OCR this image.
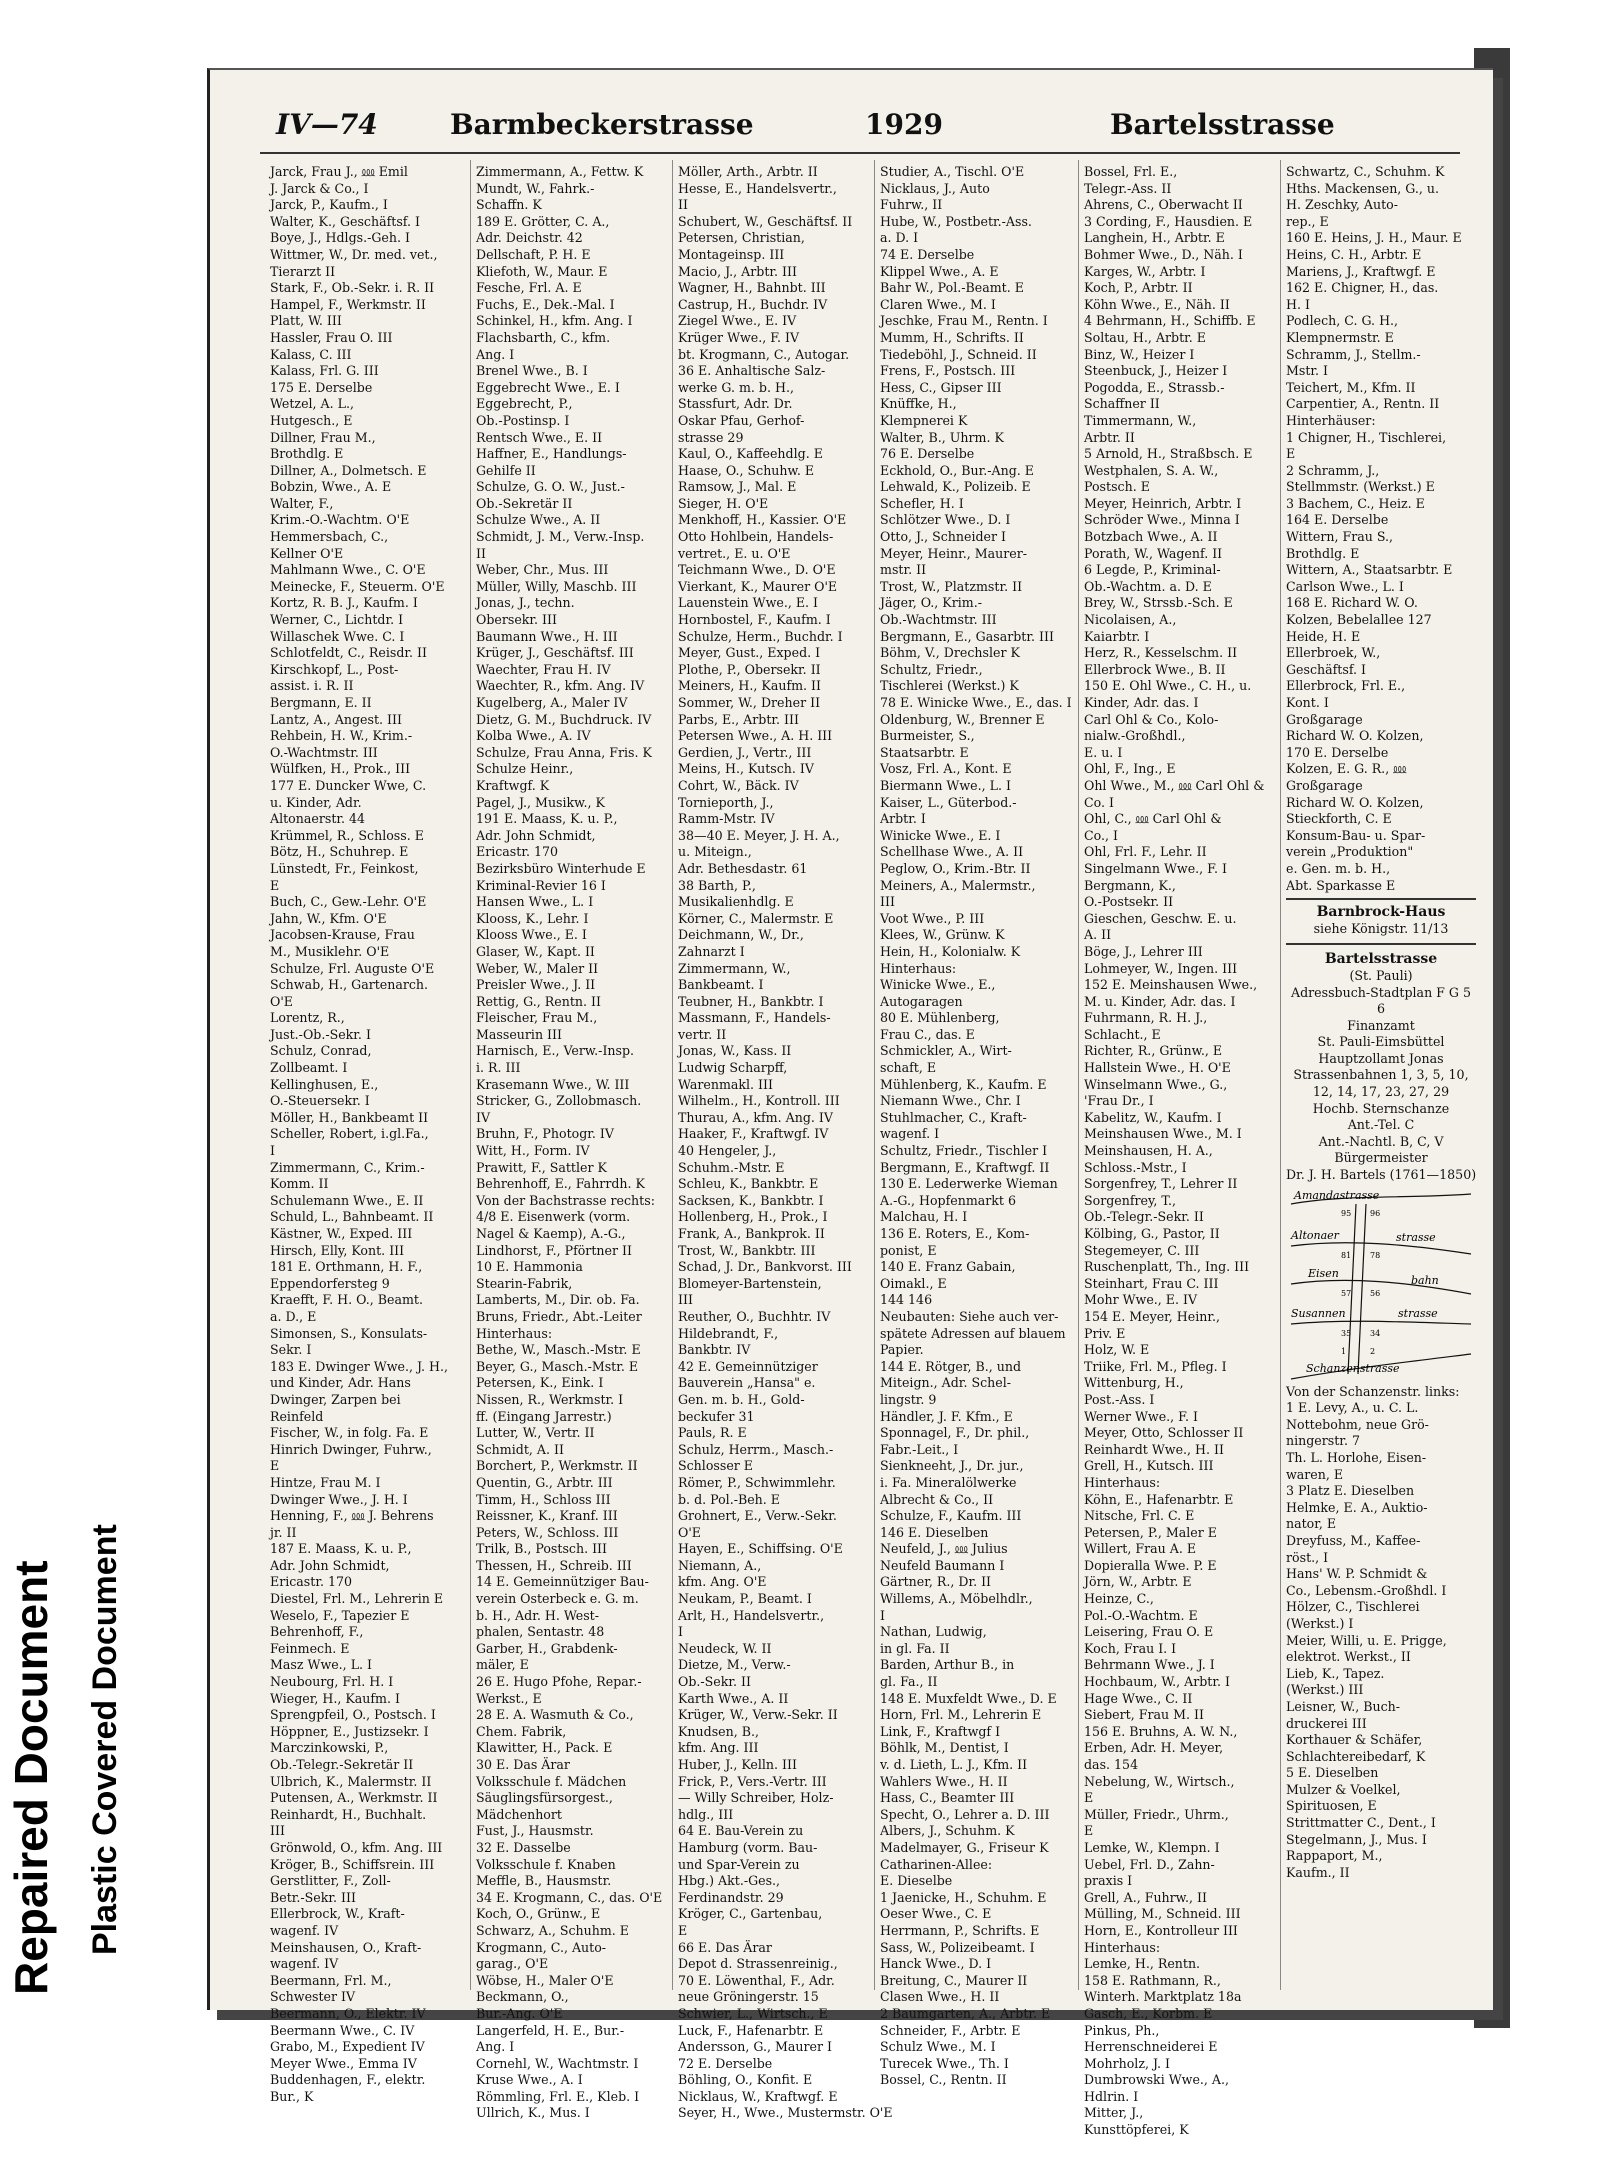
Repaired Document Plastic Covered Document
IV—74	Barmbeckerstrasse	1929	Bartelsstrasse
Jarck, Frau J., ⅏ Emil
J. Jarck & Co., I
Jarck, P., Kaufm., I
Walter, K., Geschäftsf. I
Boye, J., Hdlgs.-Geh. I
Wittmer, W., Dr. med. vet.,
Tierarzt II
Stark, F., Ob.-Sekr. i. R. II
Hampel, F., Werkmstr. II
Platt, W. III
Hassler, Frau O. III
Kalass, C. III
Kalass, Frl. G. III
175 E. Derselbe
Wetzel, A. L.,
Hutgesch., E
Dillner, Frau M.,
Brothdlg. E
Dillner, A., Dolmetsch. E
Bobzin, Wwe., A. E
Walter, F.,
Krim.-O.-Wachtm. O'E
Hemmersbach, C.,
Kellner O'E
Mahlmann Wwe., C. O'E
Meinecke, F., Steuerm. O'E
Kortz, R. B. J., Kaufm. I
Werner, C., Lichtdr. I
Willaschek Wwe. C. I
Schlotfeldt, C., Reisdr. II
Kirschkopf, L., Post-
assist. i. R. II
Bergmann, E. II
Lantz, A., Angest. III
Rehbein, H. W., Krim.-
O.-Wachtmstr. III
Wülfken, H., Prok., III
177 E. Duncker Wwe, C.
u. Kinder, Adr.
Altonaerstr. 44
Krümmel, R., Schloss. E
Bötz, H., Schuhrep. E
Lünstedt, Fr., Feinkost,
E
Buch, C., Gew.-Lehr. O'E
Jahn, W., Kfm. O'E
Jacobsen-Krause, Frau
M., Musiklehr. O'E
Schulze, Frl. Auguste O'E
Schwab, H., Gartenarch.
O'E
Lorentz, R.,
Just.-Ob.-Sekr. I
Schulz, Conrad,
Zollbeamt. I
Kellinghusen, E.,
O.-Steuersekr. I
Möller, H., Bankbeamt II
Scheller, Robert, i.gl.Fa.,
I
Zimmermann, C., Krim.-
Komm. II
Schulemann Wwe., E. II
Schuld, L., Bahnbeamt. II
Kästner, W., Exped. III
Hirsch, Elly, Kont. III
181 E. Orthmann, H. F.,
Eppendorfersteg 9
Kraefft, F. H. O., Beamt.
a. D., E
Simonsen, S., Konsulats-
Sekr. I
183 E. Dwinger Wwe., J. H.,
und Kinder, Adr. Hans
Dwinger, Zarpen bei
Reinfeld
Fischer, W., in folg. Fa. E
Hinrich Dwinger, Fuhrw.,
E
Hintze, Frau M. I
Dwinger Wwe., J. H. I
Henning, F., ⅏ J. Behrens
jr. II
187 E. Maass, K. u. P.,
Adr. John Schmidt,
Ericastr. 170
Diestel, Frl. M., Lehrerin E
Weselo, F., Tapezier E
Behrenhoff, F.,
Feinmech. E
Masz Wwe., L. I
Neubourg, Frl. H. I
Wieger, H., Kaufm. I
Sprengpfeil, O., Postsch. I
Höppner, E., Justizsekr. I
Marczinkowski, P.,
Ob.-Telegr.-Sekretär II
Ulbrich, K., Malermstr. II
Putensen, A., Werkmstr. II
Reinhardt, H., Buchhalt.
III
Grönwold, O., kfm. Ang. III
Kröger, B., Schiffsrein. III
Gerstlitter, F., Zoll-
Betr.-Sekr. III
Ellerbrock, W., Kraft-
wagenf. IV
Meinshausen, O., Kraft-
wagenf. IV
Beermann, Frl. M.,
Schwester IV
Beermann, O., Elektr. IV
Beermann Wwe., C. IV
Grabo, M., Expedient IV
Meyer Wwe., Emma IV
Buddenhagen, F., elektr.
Bur., K
Zimmermann, A., Fettw. K
Mundt, W., Fahrk.-
Schaffn. K
189 E. Grötter, C. A.,
Adr. Deichstr. 42
Dellschaft, P. H. E
Kliefoth, W., Maur. E
Fesche, Frl. A. E
Fuchs, E., Dek.-Mal. I
Schinkel, H., kfm. Ang. I
Flachsbarth, C., kfm.
Ang. I
Brenel Wwe., B. I
Eggebrecht Wwe., E. I
Eggebrecht, P.,
Ob.-Postinsp. I
Rentsch Wwe., E. II
Haffner, E., Handlungs-
Gehilfe II
Schulze, G. O. W., Just.-
Ob.-Sekretär II
Schulze Wwe., A. II
Schmidt, J. M., Verw.-Insp.
II
Weber, Chr., Mus. III
Müller, Willy, Maschb. III
Jonas, J., techn.
Obersekr. III
Baumann Wwe., H. III
Krüger, J., Geschäftsf. III
Waechter, Frau H. IV
Waechter, R., kfm. Ang. IV
Kugelberg, A., Maler IV
Dietz, G. M., Buchdruck. IV
Kolba Wwe., A. IV
Schulze, Frau Anna, Fris. K
Schulze Heinr.,
Kraftwgf. K
Pagel, J., Musikw., K
191 E. Maass, K. u. P.,
Adr. John Schmidt,
Ericastr. 170
Bezirksbüro Winterhude E
Kriminal-Revier 16 I
Hansen Wwe., L. I
Klooss, K., Lehr. I
Klooss Wwe., E. I
Glaser, W., Kapt. II
Weber, W., Maler II
Preisler Wwe., J. II
Rettig, G., Rentn. II
Fleischer, Frau M.,
Masseurin III
Harnisch, E., Verw.-Insp.
i. R. III
Krasemann Wwe., W. III
Stricker, G., Zollobmasch.
IV
Bruhn, F., Photogr. IV
Witt, H., Form. IV
Prawitt, F., Sattler K
Behrenhoff, E., Fahrrdh. K
Von der Bachstrasse rechts:
4/8 E. Eisenwerk (vorm.
Nagel & Kaemp), A.-G.,
Lindhorst, F., Pförtner II
10 E. Hammonia
Stearin-Fabrik,
Lamberts, M., Dir. ob. Fa.
Bruns, Friedr., Abt.-Leiter
Hinterhaus:
Bethe, W., Masch.-Mstr. E
Beyer, G., Masch.-Mstr. E
Petersen, K., Eink. I
Nissen, R., Werkmstr. I
ff. (Eingang Jarrestr.)
Lutter, W., Vertr. II
Schmidt, A. II
Borchert, P., Werkmstr. II
Quentin, G., Arbtr. III
Timm, H., Schloss III
Reissner, K., Kranf. III
Peters, W., Schloss. III
Trilk, B., Postsch. III
Thessen, H., Schreib. III
14 E. Gemeinnütziger Bau-
verein Osterbeck e. G. m.
b. H., Adr. H. West-
phalen, Sentastr. 48
Garber, H., Grabdenk-
mäler, E
26 E. Hugo Pfohe, Repar.-
Werkst., E
28 E. A. Wasmuth & Co.,
Chem. Fabrik,
Klawitter, H., Pack. E
30 E. Das Ärar
Volksschule f. Mädchen
Säuglingsfürsorgest.,
Mädchenhort
Fust, J., Hausmstr.
32 E. Dasselbe
Volksschule f. Knaben
Meffle, B., Hausmstr.
34 E. Krogmann, C., das. O'E
Koch, O., Grünw., E
Schwarz, A., Schuhm. E
Krogmann, C., Auto-
garag., O'E
Wöbse, H., Maler O'E
Beckmann, O.,
Bur.-Ang. O'E
Langerfeld, H. E., Bur.-
Ang. I
Cornehl, W., Wachtmstr. I
Kruse Wwe., A. I
Römmling, Frl. E., Kleb. I
Ullrich, K., Mus. I
Möller, Arth., Arbtr. II
Hesse, E., Handelsvertr.,
II
Schubert, W., Geschäftsf. II
Petersen, Christian,
Montageinsp. III
Macio, J., Arbtr. III
Wagner, H., Bahnbt. III
Castrup, H., Buchdr. IV
Ziegel Wwe., E. IV
Krüger Wwe., F. IV
bt. Krogmann, C., Autogar.
36 E. Anhaltische Salz-
werke G. m. b. H.,
Stassfurt, Adr. Dr.
Oskar Pfau, Gerhof-
strasse 29
Kaul, O., Kaffeehdlg. E
Haase, O., Schuhw. E
Ramsow, J., Mal. E
Sieger, H. O'E
Menkhoff, H., Kassier. O'E
Otto Hohlbein, Handels-
vertret., E. u. O'E
Teichmann Wwe., D. O'E
Vierkant, K., Maurer O'E
Lauenstein Wwe., E. I
Hornbostel, F., Kaufm. I
Schulze, Herm., Buchdr. I
Meyer, Gust., Exped. I
Plothe, P., Obersekr. II
Meiners, H., Kaufm. II
Sommer, W., Dreher II
Parbs, E., Arbtr. III
Petersen Wwe., A. H. III
Gerdien, J., Vertr., III
Meins, H., Kutsch. IV
Cohrt, W., Bäck. IV
Tornieporth, J.,
Ramm-Mstr. IV
38—40 E. Meyer, J. H. A.,
u. Miteign.,
Adr. Bethesdastr. 61
38 Barth, P.,
Musikalienhdlg. E
Körner, C., Malermstr. E
Deichmann, W., Dr.,
Zahnarzt I
Zimmermann, W.,
Bankbeamt. I
Teubner, H., Bankbtr. I
Massmann, F., Handels-
vertr. II
Jonas, W., Kass. II
Ludwig Scharpff,
Warenmakl. III
Wilhelm., H., Kontroll. III
Thurau, A., kfm. Ang. IV
Haaker, F., Kraftwgf. IV
40 Hengeler, J.,
Schuhm.-Mstr. E
Schleu, K., Bankbtr. E
Sacksen, K., Bankbtr. I
Hollenberg, H., Prok., I
Frank, A., Bankprok. II
Trost, W., Bankbtr. III
Schad, J. Dr., Bankvorst. III
Blomeyer-Bartenstein,
III
Reuther, O., Buchhtr. IV
Hildebrandt, F.,
Bankbtr. IV
42 E. Gemeinnütziger
Bauverein „Hansa" e.
Gen. m. b. H., Gold-
beckufer 31
Pauls, R. E
Schulz, Herrm., Masch.-
Schlosser E
Römer, P., Schwimmlehr.
b. d. Pol.-Beh. E
Grohnert, E., Verw.-Sekr.
O'E
Hayen, E., Schiffsing. O'E
Niemann, A.,
kfm. Ang. O'E
Neukam, P., Beamt. I
Arlt, H., Handelsvertr.,
I
Neudeck, W. II
Dietze, M., Verw.-
Ob.-Sekr. II
Karth Wwe., A. II
Krüger, W., Verw.-Sekr. II
Knudsen, B.,
kfm. Ang. III
Huber, J., Kelln. III
Frick, P., Vers.-Vertr. III
— Willy Schreiber, Holz-
hdlg., III
64 E. Bau-Verein zu
Hamburg (vorm. Bau-
und Spar-Verein zu
Hbg.) Akt.-Ges.,
Ferdinandstr. 29
Kröger, C., Gartenbau,
E
66 E. Das Ärar
Depot d. Strassenreinig.,
70 E. Löwenthal, F., Adr.
neue Gröningerstr. 15
Schwier, L., Wirtsch., E
Luck, F., Hafenarbtr. E
Andersson, G., Maurer I
72 E. Derselbe
Böhling, O., Konfit. E
Nicklaus, W., Kraftwgf. E
Seyer, H., Wwe., Mustermstr. O'E
Studier, A., Tischl. O'E
Nicklaus, J., Auto
Fuhrw., II
Hube, W., Postbetr.-Ass.
a. D. I
74 E. Derselbe
Klippel Wwe., A. E
Bahr W., Pol.-Beamt. E
Claren Wwe., M. I
Jeschke, Frau M., Rentn. I
Mumm, H., Schrifts. II
Tiedeböhl, J., Schneid. II
Frens, F., Postsch. III
Hess, C., Gipser III
Knüffke, H.,
Klempnerei K
Walter, B., Uhrm. K
76 E. Derselbe
Eckhold, O., Bur.-Ang. E
Lehwald, K., Polizeib. E
Schefler, H. I
Schlötzer Wwe., D. I
Otto, J., Schneider I
Meyer, Heinr., Maurer-
mstr. II
Trost, W., Platzmstr. II
Jäger, O., Krim.-
Ob.-Wachtmstr. III
Bergmann, E., Gasarbtr. III
Böhm, V., Drechsler K
Schultz, Friedr.,
Tischlerei (Werkst.) K
78 E. Winicke Wwe., E., das. I
Oldenburg, W., Brenner E
Burmeister, S.,
Staatsarbtr. E
Vosz, Frl. A., Kont. E
Biermann Wwe., L. I
Kaiser, L., Güterbod.-
Arbtr. I
Winicke Wwe., E. I
Schellhase Wwe., A. II
Peglow, O., Krim.-Btr. II
Meiners, A., Malermstr.,
III
Voot Wwe., P. III
Klees, W., Grünw. K
Hein, H., Kolonialw. K
Hinterhaus:
Winicke Wwe., E.,
Autogaragen
80 E. Mühlenberg,
Frau C., das. E
Schmickler, A., Wirt-
schaft, E
Mühlenberg, K., Kaufm. E
Niemann Wwe., Chr. I
Stuhlmacher, C., Kraft-
wagenf. I
Schultz, Friedr., Tischler I
Bergmann, E., Kraftwgf. II
130 E. Lederwerke Wieman
A.-G., Hopfenmarkt 6
Malchau, H. I
136 E. Roters, E., Kom-
ponist, E
140 E. Franz Gabain,
Oimakl., E
144 146
Neubauten: Siehe auch ver-
spätete Adressen auf blauem
Papier.
144 E. Rötger, B., und
Miteign., Adr. Schel-
lingstr. 9
Händler, J. F. Kfm., E
Sponnagel, F., Dr. phil.,
Fabr.-Leit., I
Sienkneeht, J., Dr. jur.,
i. Fa. Mineralölwerke
Albrecht & Co., II
Schulze, F., Kaufm. III
146 E. Dieselben
Neufeld, J., ⅏ Julius
Neufeld Baumann I
Gärtner, R., Dr. II
Willems, A., Möbelhdlr.,
I
Nathan, Ludwig,
in gl. Fa. II
Barden, Arthur B., in
gl. Fa., II
148 E. Muxfeldt Wwe., D. E
Horn, Frl. M., Lehrerin E
Link, F., Kraftwgf I
Böhlk, M., Dentist, I
v. d. Lieth, L. J., Kfm. II
Wahlers Wwe., H. II
Hass, C., Beamter III
Specht, O., Lehrer a. D. III
Albers, J., Schuhm. K
Madelmayer, G., Friseur K
Catharinen-Allee:
E. Dieselbe
1 Jaenicke, H., Schuhm. E
Oeser Wwe., C. E
Herrmann, P., Schrifts. E
Sass, W., Polizeibeamt. I
Hanck Wwe., D. I
Breitung, C., Maurer II
Clasen Wwe., H. II
2 Baumgarten, A., Arbtr. E
Schneider, F., Arbtr. E
Schulz Wwe., M. I
Turecek Wwe., Th. I
Bossel, C., Rentn. II
Bossel, Frl. E.,
Telegr.-Ass. II
Ahrens, C., Oberwacht II
3 Cording, F., Hausdien. E
Langhein, H., Arbtr. E
Bohmer Wwe., D., Näh. I
Karges, W., Arbtr. I
Koch, P., Arbtr. II
Köhn Wwe., E., Näh. II
4 Behrmann, H., Schiffb. E
Soltau, H., Arbtr. E
Binz, W., Heizer I
Steenbuck, J., Heizer I
Pogodda, E., Strassb.-
Schaffner II
Timmermann, W.,
Arbtr. II
5 Arnold, H., Straßbsch. E
Westphalen, S. A. W.,
Postsch. E
Meyer, Heinrich, Arbtr. I
Schröder Wwe., Minna I
Botzbach Wwe., A. II
Porath, W., Wagenf. II
6 Legde, P., Kriminal-
Ob.-Wachtm. a. D. E
Brey, W., Strssb.-Sch. E
Nicolaisen, A.,
Kaiarbtr. I
Herz, R., Kesselschm. II
Ellerbrock Wwe., B. II
150 E. Ohl Wwe., C. H., u.
Kinder, Adr. das. I
Carl Ohl & Co., Kolo-
nialw.-Großhdl.,
E. u. I
Ohl, F., Ing., E
Ohl Wwe., M., ⅏ Carl Ohl &
Co. I
Ohl, C., ⅏ Carl Ohl &
Co., I
Ohl, Frl. F., Lehr. II
Singelmann Wwe., F. I
Bergmann, K.,
O.-Postsekr. II
Gieschen, Geschw. E. u.
A. II
Böge, J., Lehrer III
Lohmeyer, W., Ingen. III
152 E. Meinshausen Wwe.,
M. u. Kinder, Adr. das. I
Fuhrmann, R. H. J.,
Schlacht., E
Richter, R., Grünw., E
Hallstein Wwe., H. O'E
Winselmann Wwe., G.,
'Frau Dr., I
Kabelitz, W., Kaufm. I
Meinshausen Wwe., M. I
Meinshausen, H. A.,
Schloss.-Mstr., I
Sorgenfrey, T., Lehrer II
Sorgenfrey, T.,
Ob.-Telegr.-Sekr. II
Kölbing, G., Pastor, II
Stegemeyer, C. III
Ruschenplatt, Th., Ing. III
Steinhart, Frau C. III
Mohr Wwe., E. IV
154 E. Meyer, Heinr.,
Priv. E
Holz, W. E
Triike, Frl. M., Pfleg. I
Wittenburg, H.,
Post.-Ass. I
Werner Wwe., F. I
Meyer, Otto, Schlosser II
Reinhardt Wwe., H. II
Grell, H., Kutsch. III
Hinterhaus:
Köhn, E., Hafenarbtr. E
Nitsche, Frl. C. E
Petersen, P., Maler E
Willert, Frau A. E
Dopieralla Wwe. P. E
Jörn, W., Arbtr. E
Heinze, C.,
Pol.-O.-Wachtm. E
Leisering, Frau O. E
Koch, Frau I. I
Behrmann Wwe., J. I
Hochbaum, W., Arbtr. I
Hage Wwe., C. II
Siebert, Frau M. II
156 E. Bruhns, A. W. N.,
Erben, Adr. H. Meyer,
das. 154
Nebelung, W., Wirtsch.,
E
Müller, Friedr., Uhrm.,
E
Lemke, W., Klempn. I
Uebel, Frl. D., Zahn-
praxis I
Grell, A., Fuhrw., II
Mülling, M., Schneid. III
Horn, E., Kontrolleur III
Hinterhaus:
Lemke, H., Rentn.
158 E. Rathmann, R.,
Winterh. Marktplatz 18a
Gasch, E., Korbm. E
Pinkus, Ph.,
Herrenschneiderei E
Mohrholz, J. I
Dumbrowski Wwe., A.,
Hdlrin. I
Mitter, J.,
Kunsttöpferei, K
Schwartz, C., Schuhm. K
Hths. Mackensen, G., u.
H. Zeschky, Auto-
rep., E
160 E. Heins, J. H., Maur. E
Heins, C. H., Arbtr. E
Mariens, J., Kraftwgf. E
162 E. Chigner, H., das.
H. I
Podlech, C. G. H.,
Klempnermstr. E
Schramm, J., Stellm.-
Mstr. I
Teichert, M., Kfm. II
Carpentier, A., Rentn. II
Hinterhäuser:
1 Chigner, H., Tischlerei,
E
2 Schramm, J.,
Stellmmstr. (Werkst.) E
3 Bachem, C., Heiz. E
164 E. Derselbe
Wittern, Frau S.,
Brothdlg. E
Wittern, A., Staatsarbtr. E
Carlson Wwe., L. I
168 E. Richard W. O.
Kolzen, Bebelallee 127
Heide, H. E
Ellerbroek, W.,
Geschäftsf. I
Ellerbrock, Frl. E.,
Kont. I
Großgarage
Richard W. O. Kolzen,
170 E. Derselbe
Kolzen, E. G. R., ⅏
Großgarage
Richard W. O. Kolzen,
Stieckforth, C. E
Konsum-Bau- u. Spar-
verein „Produktion"
e. Gen. m. b. H.,
Abt. Sparkasse E
Barnbrock-Haus
siehe Königstr. 11/13
Bartelsstrasse
(St. Pauli)
Adressbuch-Stadtplan F G 5
6
Finanzamt
St. Pauli-Eimsbüttel
Hauptzollamt Jonas
Strassenbahnen 1, 3, 5, 10,
12, 14, 17, 23, 27, 29
Hochb. Sternschanze
Ant.-Tel. C
Ant.-Nachtl. B, C, V
Bürgermeister
Dr. J. H. Bartels (1761—1850)
Amandastrasse
Altonaer	strasse
Eisen
bahn
Susannen	strasse
Schanzenstrasse
95 96
81 78
57 56
35 34
1	2
Von der Schanzenstr. links:
1 E. Levy, A., u. C. L.
Nottebohm, neue Grö-
ningerstr. 7
Th. L. Horlohe, Eisen-
waren, E
3 Platz E. Dieselben
Helmke, E. A., Auktio-
nator, E
Dreyfuss, M., Kaffee-
röst., I
Hans' W. P. Schmidt &
Co., Lebensm.-Großhdl. I
Hölzer, C., Tischlerei
(Werkst.) I
Meier, Willi, u. E. Prigge,
elektrot. Werkst., II
Lieb, K., Tapez.
(Werkst.) III
Leisner, W., Buch-
druckerei III
Korthauer & Schäfer,
Schlachtereibedarf, K
5 E. Dieselben
Mulzer & Voelkel,
Spirituosen, E
Strittmatter C., Dent., I
Stegelmann, J., Mus. I
Rappaport, M.,
Kaufm., II
